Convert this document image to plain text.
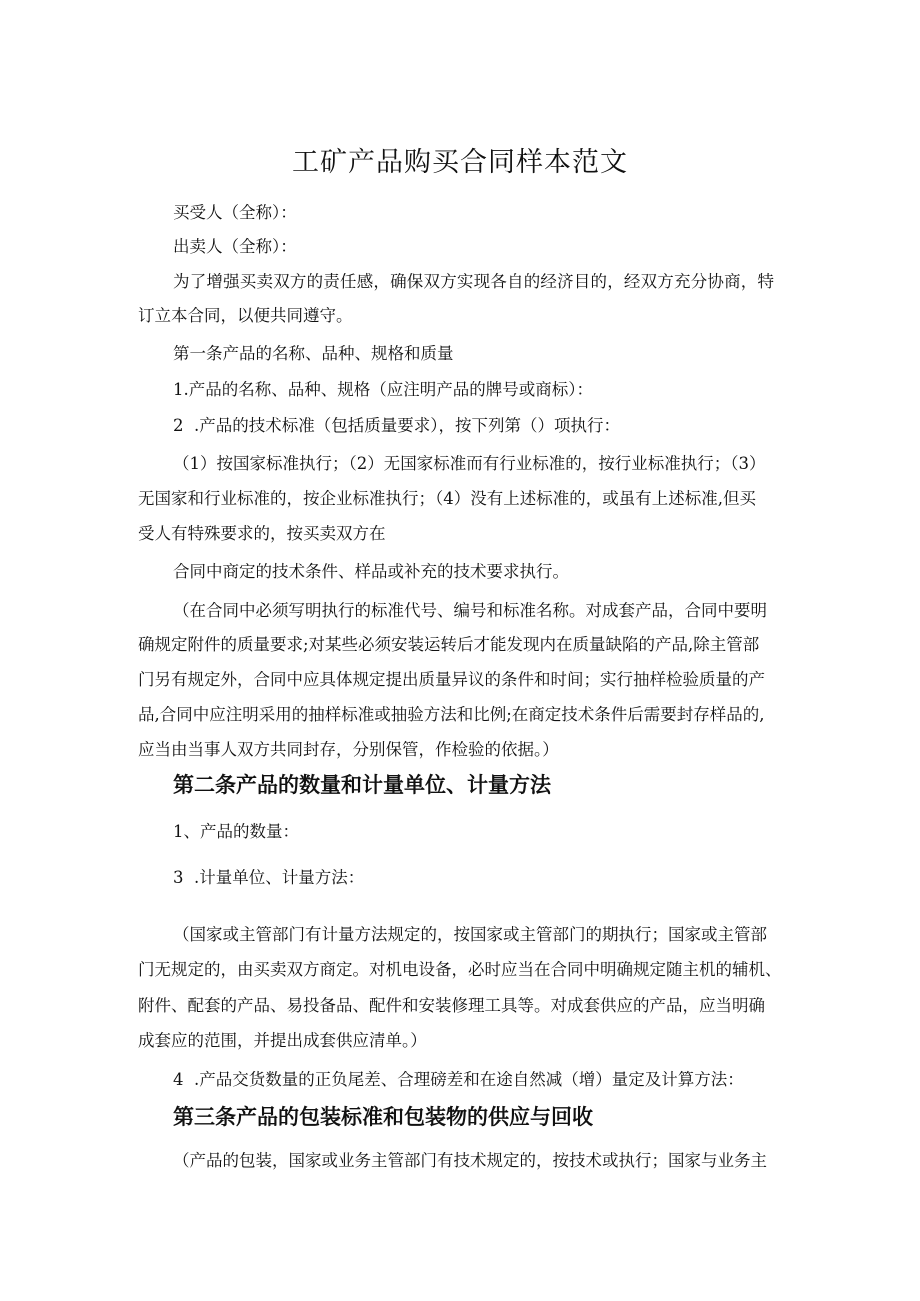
工矿产品购买合同样本范文

买受人（全称）：

出卖人（全称）：

为了增强买卖双方的责任感，确保双方实现各自的经济目的，经双方充分协商，特

订立本合同，以便共同遵守。

第一条产品的名称、品种、规格和质量

1.产品的名称、品种、规格（应注明产品的牌号或商标）：

2  .产品的技术标准（包括质量要求），按下列第（）项执行：

（1）按国家标准执行；（2）无国家标准而有行业标准的，按行业标准执行；（3）

无国家和行业标准的，按企业标准执行；（4）没有上述标准的，或虽有上述标准,但买

受人有特殊要求的，按买卖双方在

合同中商定的技术条件、样品或补充的技术要求执行。

（在合同中必须写明执行的标准代号、编号和标准名称。对成套产品，合同中要明

确规定附件的质量要求;对某些必须安装运转后才能发现内在质量缺陷的产品,除主管部

门另有规定外，合同中应具体规定提出质量异议的条件和时间；实行抽样检验质量的产

品,合同中应注明采用的抽样标准或抽验方法和比例;在商定技术条件后需要封存样品的,

应当由当事人双方共同封存，分别保管，作检验的依据。）

第二条产品的数量和计量单位、计量方法

1、产品的数量：

3  .计量单位、计量方法：

（国家或主管部门有计量方法规定的，按国家或主管部门的期执行；国家或主管部

门无规定的，由买卖双方商定。对机电设备，必时应当在合同中明确规定随主机的辅机、

附件、配套的产品、易投备品、配件和安装修理工具等。对成套供应的产品，应当明确

成套应的范围，并提出成套供应清单。）

4  .产品交货数量的正负尾差、合理磅差和在途自然减（增）量定及计算方法：

第三条产品的包装标准和包装物的供应与回收

（产品的包装，国家或业务主管部门有技术规定的，按技术或执行；国家与业务主
